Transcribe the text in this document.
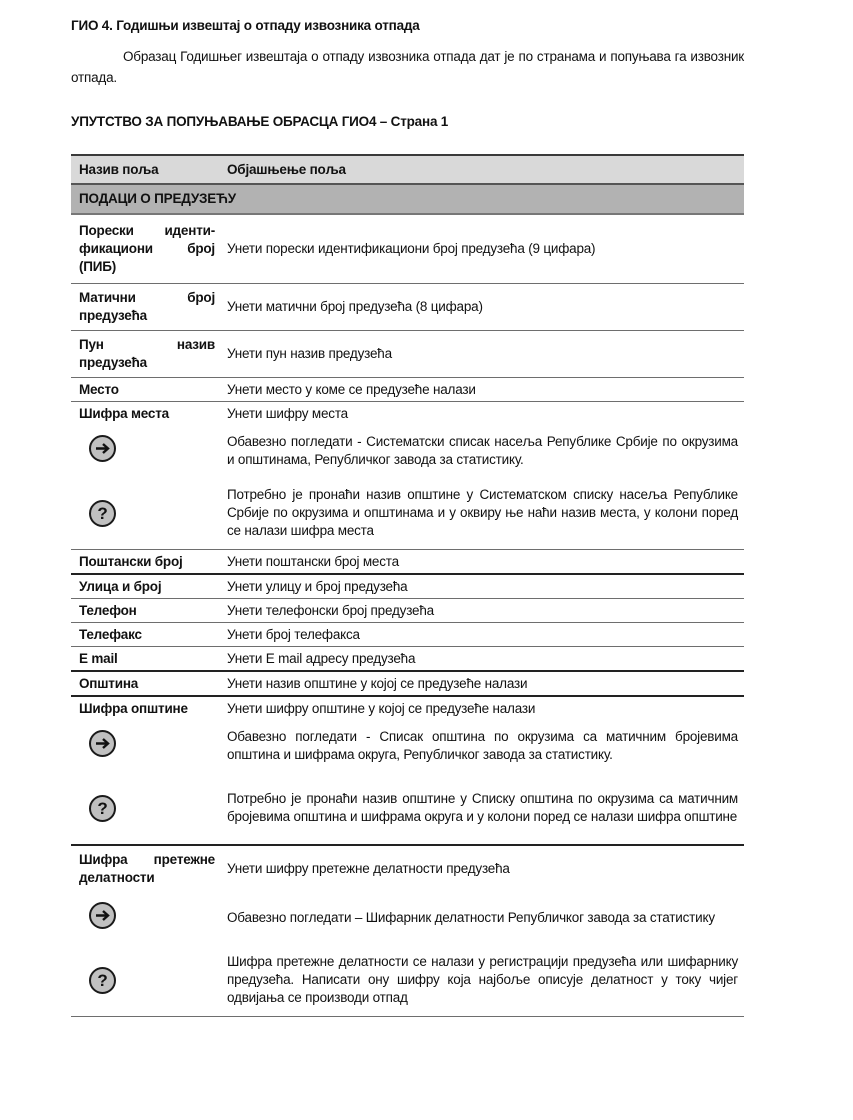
ГИО 4. Годишњи извештај о отпаду извозника отпада
Образац Годишњег извештаја о отпаду извозника отпада дат је по странама и попуњава га извозник отпада.
УПУТСТВО ЗА ПОПУЊАВАЊЕ ОБРАСЦА ГИО4 – Страна 1
Назив поља	Објашњење поља
ПОДАЦИ О ПРЕДУЗЕЋУ	

Порески иденти-
фикациони број
(ПИБ)	Унети порески идентификациони број предузећа (9 цифара)

Матични број
предузећа	Унети матични број предузећа (8 цифара)

Пун назив
предузећа	Унети пун назив предузећа
Место	Унети место у коме се предузеће налази
Шифра места	Унети шифру места

	Обавезно погледати - Систематски списак насеља Републике Србије по окрузима и општинама, Републичког завода за статистику.
?	Потребно је пронаћи назив општине у Систематском списку насеља Републике Србије по окрузима и општинама и у оквиру ње наћи назив места, у колони поред се налази шифра места
Поштански број	Унети поштански број места
Улица и број	Унети улицу и број предузећа
Телефон	Унети телефонски број предузећа
Телефакс	Унети број телефакса
E mail	Унети E mail адресу предузећа
Општина	Унети назив општине у којој се предузеће налази
Шифра општине	Унети шифру општине у којој се предузеће налази

	Обавезно погледати - Списак општина по окрузима са матичним бројевима општина и шифрама округа, Републичког завода за статистику.
?	Потребно је пронаћи назив општине у Списку општина по окрузима са матичним бројевима општина и шифрама округа и у колони поред се налази шифра општине

Шифра претежне
делатности	Унети шифру претежне делатности предузећа

	Обавезно погледати – Шифарник делатности Републичког завода за статистику
?	Шифра претежне делатности се налази у регистрацији предузећа или шифарнику предузећа. Написати ону шифру која најбоље описује делатност у току чијег одвијања се производи отпад
